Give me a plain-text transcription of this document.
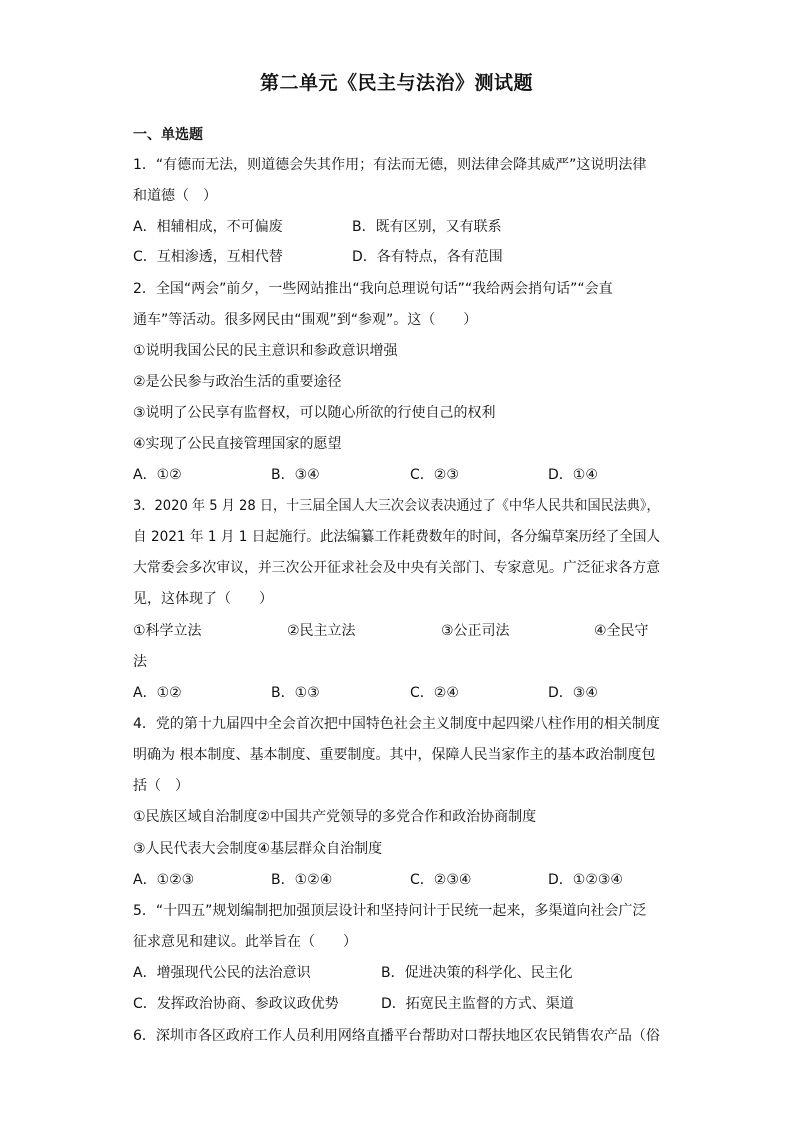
第二单元《民主与法治》测试题
一、单选题
1．“有德而无法，则道德会失其作用；有法而无德，则法律会降其威严”这说明法律
和道德（　）
A．相辅相成，不可偏废	B．既有区别，又有联系
C．互相渗透，互相代替	D．各有特点，各有范围
2．全国“两会”前夕，一些网站推出“我向总理说句话”“我给两会捎句话”“会直
通车”等活动。很多网民由“围观”到“参观”。这（　　）
①说明我国公民的民主意识和参政意识增强
②是公民参与政治生活的重要途径
③说明了公民享有监督权，可以随心所欲的行使自己的权利
④实现了公民直接管理国家的愿望
A．①②	B．③④	C．②③	D．①④
3．2020 年 5 月 28 日，十三届全国人大三次会议表决通过了《中华人民共和国民法典》，
自 2021 年 1 月 1 日起施行。此法编纂工作耗费数年的时间，各分编草案历经了全国人
大常委会多次审议，并三次公开征求社会及中央有关部门、专家意见。广泛征求各方意
见，这体现了（　　）
①科学立法	②民主立法	③公正司法	④全民守
法
A．①②	B．①③	C．②④	D．③④
4．党的第十九届四中全会首次把中国特色社会主义制度中起四梁八柱作用的相关制度
明确为 根本制度、基本制度、重要制度。其中，保障人民当家作主的基本政治制度包
括（　）
①民族区域自治制度②中国共产党领导的多党合作和政治协商制度
③人民代表大会制度④基层群众自治制度
A．①②③	B．①②④	C．②③④	D．①②③④
5．“十四五”规划编制把加强顶层设计和坚持问计于民统一起来，多渠道向社会广泛
征求意见和建议。此举旨在（　　）
A．增强现代公民的法治意识	B．促进决策的科学化、民主化
C．发挥政治协商、参政议政优势	D．拓宽民主监督的方式、渠道
6．深圳市各区政府工作人员利用网络直播平台帮助对口帮扶地区农民销售农产品（俗
